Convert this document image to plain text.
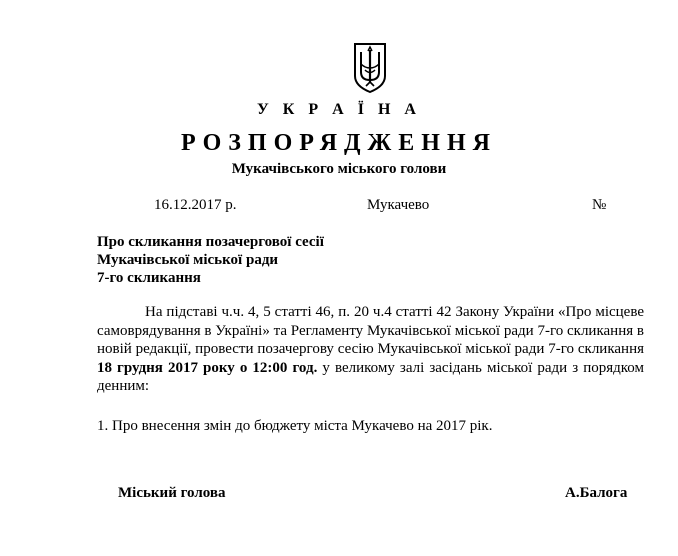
У К Р А Ї Н А
РОЗПОРЯДЖЕННЯ
Мукачівського міського голови
16.12.2017 р.	Мукачево	№
Про скликання позачергової сесії
Мукачівської міської ради
7-го скликання

На підставі ч.ч. 4, 5 статті 46, п. 20 ч.4 статті 42 Закону України «Про місцеве самоврядування в Україні» та Регламенту Мукачівської міської ради 7-го скликання в новій редакції, провести позачергову сесію Мукачівської міської ради 7-го скликання 18 грудня 2017 року о 12:00 год. у великому залі засідань міської ради з порядком денним:

1. Про внесення змін до бюджету міста Мукачево на 2017 рік.
Міський голова	А.Балога
